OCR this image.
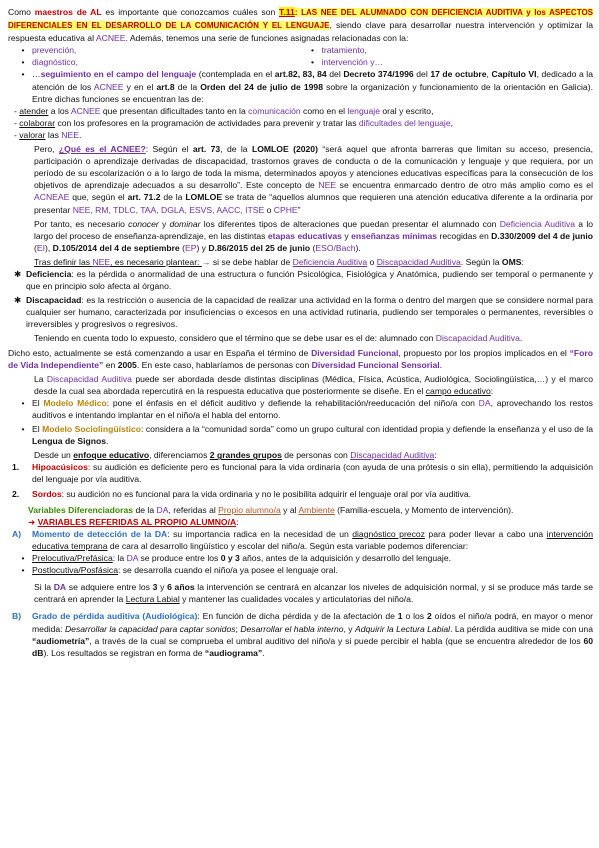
Como maestros de AL es importante que conozcamos cuáles son T.11: LAS NEE DEL ALUMNADO CON DEFICIENCIA AUDITIVA y los ASPECTOS DIFERENCIALES EN EL DESARROLLO DE LA COMUNICACIÓN Y EL LENGUAJE, siendo clave para desarrollar nuestra intervención y optimizar la respuesta educativa al ACNEE. Además, tenemos una serie de funciones asignadas relacionadas con la:

• prevención,
• diagnóstico,
• tratamiento,
• intervención y…
• …seguimiento en el campo del lenguaje (contemplada en el art.82, 83, 84 del Decreto 374/1996 del 17 de octubre, Capítulo VI, dedicado a la atención de los ACNEE y en el art.8 de la Orden del 24 de julio de 1998 sobre la organización y funcionamiento de la orientación en Galicia). Entre dichas funciones se encuentran las de:

- atender a los ACNEE que presentan dificultades tanto en la comunicación como en el lenguaje oral y escrito,

- colaborar con los profesores en la programación de actividades para prevenir y tratar las dificultades del lenguaje,

- valorar las NEE.

Pero, ¿Qué es el ACNEE?: Según el art. 73, de la LOMLOE (2020) “será aquel que afronta barreras que limitan su acceso, presencia, participación o aprendizaje derivadas de discapacidad, trastornos graves de conducta o de la comunicación y lenguaje y que requiera, por un período de su escolarización o a lo largo de toda la misma, determinados apoyos y atenciones educativas específicas para la consecución de los objetivos de aprendizaje adecuados a su desarrollo”. Este concepto de NEE se encuentra enmarcado dentro de otro más amplio como es el ACNEAE que, según el art. 71.2 de la LOMLOE se trata de “aquellos alumnos que requieren una atención educativa diferente a la ordinaria por presentar NEE, RM, TDLC, TAA, DGLA, ESVS, AACC, ITSE o CPHE”

Por tanto, es necesario conocer y dominar los diferentes tipos de alteraciones que puedan presentar el alumnado con Deficiencia Auditiva a lo largo del proceso de enseñanza-aprendizaje, en las distintas etapas educativas y enseñanzas mínimas recogidas en D.330/2009 del 4 de junio (EI), D.105/2014 del 4 de septiembre (EP) y D.86/2015 del 25 de junio (ESO/Bach).

Tras definir las NEE, es necesario plantear: → si se debe hablar de Deficiencia Auditiva o Discapacidad Auditiva. Según la OMS:

✱ Deficiencia: es la pérdida o anormalidad de una estructura o función Psicológica, Fisiológica y Anatómica, pudiendo ser temporal o permanente y que en principio solo afecta al órgano.

✱ Discapacidad: es la restricción o ausencia de la capacidad de realizar una actividad en la forma o dentro del margen que se considere normal para cualquier ser humano, caracterizada por insuficiencias o excesos en una actividad rutinaria, pudiendo ser temporales o permanentes, reversibles o irreversibles y progresivos o regresivos.

Teniendo en cuenta todo lo expuesto, considero que el término que se debe usar es el de: alumnado con Discapacidad Auditiva.

Dicho esto, actualmente se está comenzando a usar en España el término de Diversidad Funcional, propuesto por los propios implicados en el “Foro de Vida Independiente” en 2005. En este caso, hablaríamos de personas con Diversidad Funcional Sensorial.

La Discapacidad Auditiva puede ser abordada desde distintas disciplinas (Médica, Física, Acústica, Audiológica, Sociolingüística,…) y el marco desde la cual sea abordada repercutirá en la respuesta educativa que posteriormente se diseñe. En el campo educativo:

• El Modelo Médico: pone el énfasis en el déficit auditivo y defiende la rehabilitación/reeducación del niño/a con DA, aprovechando los restos auditivos e intentando implantar en el niño/a el habla del entorno.

• El Modelo Sociolingüístico: considera a la “comunidad sorda” como un grupo cultural con identidad propia y defiende la enseñanza y el uso de la Lengua de Signos.

Desde un enfoque educativo, diferenciamos 2 grandes grupos de personas con Discapacidad Auditiva:

1.	Hipoacúsicos: su audición es deficiente pero es funcional para la vida ordinaria (con ayuda de una prótesis o sin ella), permitiendo la adquisición del lenguaje por vía auditiva.

2.	Sordos: su audición no es funcional para la vida ordinaria y no le posibilita adquirir el lenguaje oral por vía auditiva.

Variables Diferenciadoras de la DA, referidas al Propio alumno/a y al Ambiente (Familia-escuela, y Momento de intervención).

➜ VARIABLES REFERIDAS AL PROPIO ALUMNO/A:

A)	Momento de detección de la DA: su importancia radica en la necesidad de un diagnóstico precoz para poder llevar a cabo una intervención educativa temprana de cara al desarrollo lingüístico y escolar del niño/a. Según esta variable podemos diferenciar:

• Prelocutiva/Prefásica: la DA se produce entre los 0 y 3 años, antes de la adquisición y desarrollo del lenguaje.

• Postlocutiva/Posfásica: se desarrolla cuando el niño/a ya posee el lenguaje oral.

Si la DA se adquiere entre los 3 y 6 años la intervención se centrará en alcanzar los niveles de adquisición normal, y si se produce más tarde se centrará en aprender la Lectura Labial y mantener las cualidades vocales y articulatorias del niño/a.

B)	Grado de pérdida auditiva (Audiológica): En función de dicha pérdida y de la afectación de 1 o los 2 oídos el niño/a podrá, en mayor o menor medida: Desarrollar la capacidad para captar sonidos; Desarrollar el habla interno, y Adquirir la Lectura Labial. La pérdida auditiva se mide con una “audiometría”, a través de la cual se comprueba el umbral auditivo del niño/a y si puede percibir el habla (que se encuentra alrededor de los 60 dB). Los resultados se registran en forma de “audiograma”.
